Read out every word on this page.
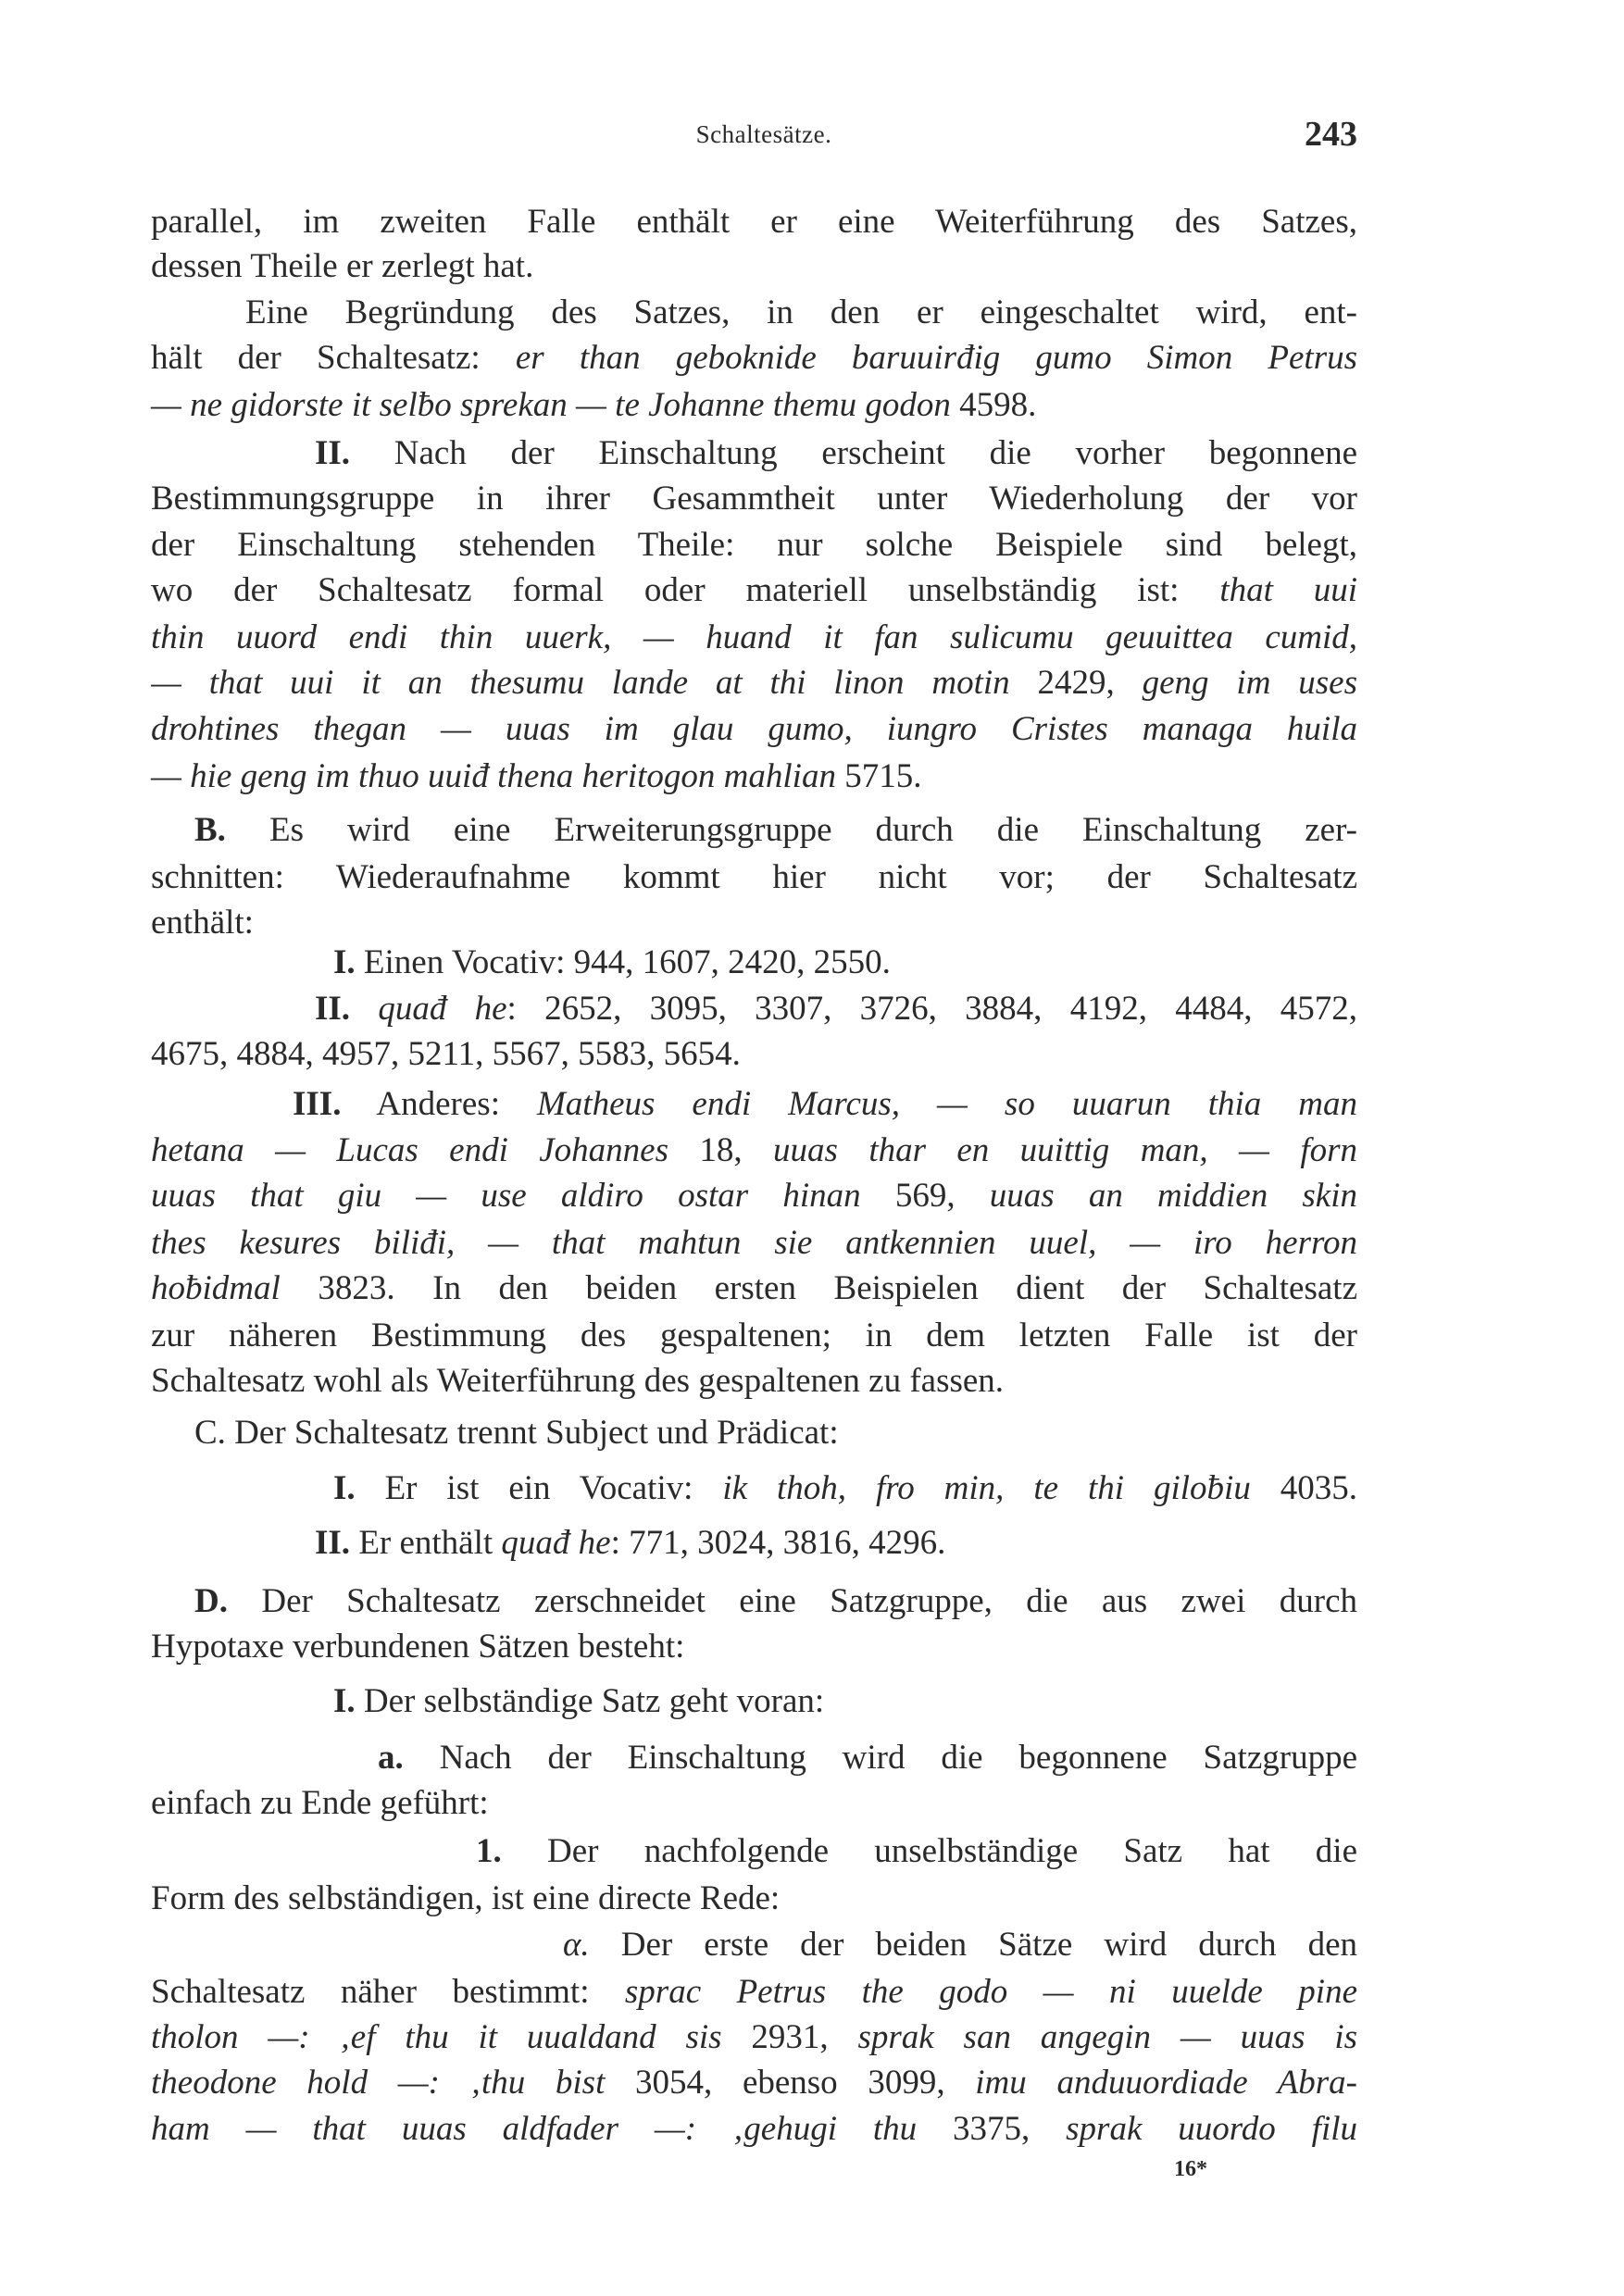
Schaltesätze.	243
parallel, im zweiten Falle enthält er eine Weiterführung des Satzes,
dessen Theile er zerlegt hat.
Eine Begründung des Satzes, in den er eingeschaltet wird, ent-
hält der Schaltesatz: er than geboknide baruuirđig gumo Simon Petrus
— ne gidorste it selƀo sprekan — te Johanne themu godon 4598.
II. Nach der Einschaltung erscheint die vorher begonnene
Bestimmungsgruppe in ihrer Gesammtheit unter Wiederholung der vor
der Einschaltung stehenden Theile: nur solche Beispiele sind belegt,
wo der Schaltesatz formal oder materiell unselbständig ist: that uui
thin uuord endi thin uuerk, — huand it fan sulicumu geuuittea cumid,
— that uui it an thesumu lande at thi linon motin 2429, geng im uses
drohtines thegan — uuas im glau gumo, iungro Cristes managa huila
— hie geng im thuo uuiđ thena heritogon mahlian 5715.
B. Es wird eine Erweiterungsgruppe durch die Einschaltung zer-
schnitten: Wiederaufnahme kommt hier nicht vor; der Schaltesatz
enthält:
I. Einen Vocativ: 944, 1607, 2420, 2550.
II. quađ he: 2652, 3095, 3307, 3726, 3884, 4192, 4484, 4572,
4675, 4884, 4957, 5211, 5567, 5583, 5654.
III. Anderes: Matheus endi Marcus, — so uuarun thia man
hetana — Lucas endi Johannes 18, uuas thar en uuittig man, — forn
uuas that giu — use aldiro ostar hinan 569, uuas an middien skin
thes kesures biliđi, — that mahtun sie antkennien uuel, — iro herron
hoƀidmal 3823. In den beiden ersten Beispielen dient der Schaltesatz
zur näheren Bestimmung des gespaltenen; in dem letzten Falle ist der
Schaltesatz wohl als Weiterführung des gespaltenen zu fassen.
C. Der Schaltesatz trennt Subject und Prädicat:
I. Er ist ein Vocativ: ik thoh, fro min, te thi giloƀiu 4035.
II. Er enthält quađ he: 771, 3024, 3816, 4296.
D. Der Schaltesatz zerschneidet eine Satzgruppe, die aus zwei durch
Hypotaxe verbundenen Sätzen besteht:
I. Der selbständige Satz geht voran:
a. Nach der Einschaltung wird die begonnene Satzgruppe
einfach zu Ende geführt:
1. Der nachfolgende unselbständige Satz hat die
Form des selbständigen, ist eine directe Rede:
α. Der erste der beiden Sätze wird durch den
Schaltesatz näher bestimmt: sprac Petrus the godo — ni uuelde pine
tholon —: ‚ef thu it uualdand sis 2931, sprak san angegin — uuas is
theodone hold —: ‚thu bist 3054, ebenso 3099, imu anduuordiade Abra-
ham — that uuas aldfader —: ‚gehugi thu 3375, sprak uuordo filu
16*
